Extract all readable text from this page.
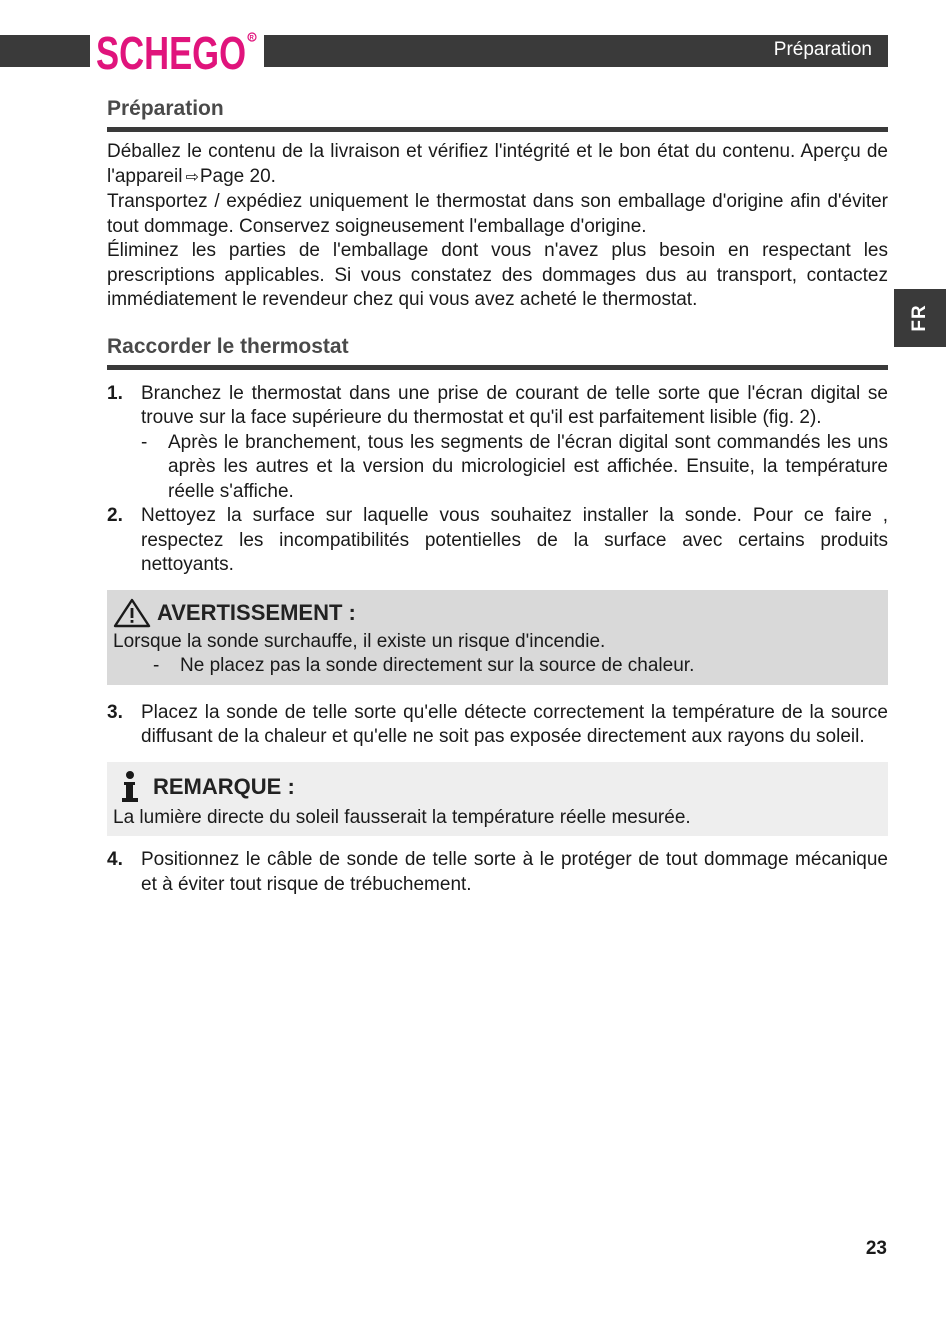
Préparation
SCHEGO R
FR
Préparation

Déballez le contenu de la livraison et vérifiez l'intégrité et le bon état du contenu. Aperçu de l'appareil ⇨Page 20.

Transportez / expédiez uniquement le thermostat dans son emballage d'origine afin d'éviter tout dommage. Conservez soigneusement l'emballage d'origine.

Éliminez les parties de l'emballage dont vous n'avez plus besoin en respectant les prescriptions applicables. Si vous constatez des dommages dus au transport, contactez immédiatement le revendeur chez qui vous avez acheté le thermostat.

Raccorder le thermostat
1. Branchez le thermostat dans une prise de courant de telle sorte que l'écran digital se trouve sur la face supérieure du thermostat et qu'il est parfaitement lisible (fig. 2).
- Après le branchement, tous les segments de l'écran digital sont commandés les uns après les autres et la version du micrologiciel est affichée. Ensuite, la température réelle s'affiche.
2. Nettoyez la surface sur laquelle vous souhaitez installer la sonde. Pour ce faire , respectez les incompatibilités potentielles de la surface avec certains produits nettoyants.
AVERTISSEMENT :

Lorsque la sonde surchauffe, il existe un risque d'incendie.

- Ne placez pas la sonde directement sur la source de chaleur.
3. Placez la sonde de telle sorte qu'elle détecte correctement la température de la source diffusant de la chaleur et qu'elle ne soit pas exposée directement aux rayons du soleil.
REMARQUE :

La lumière directe du soleil fausserait la température réelle mesurée.

4. Positionnez le câble de sonde de telle sorte à le protéger de tout dommage mécanique et à éviter tout risque de trébuchement.
23
